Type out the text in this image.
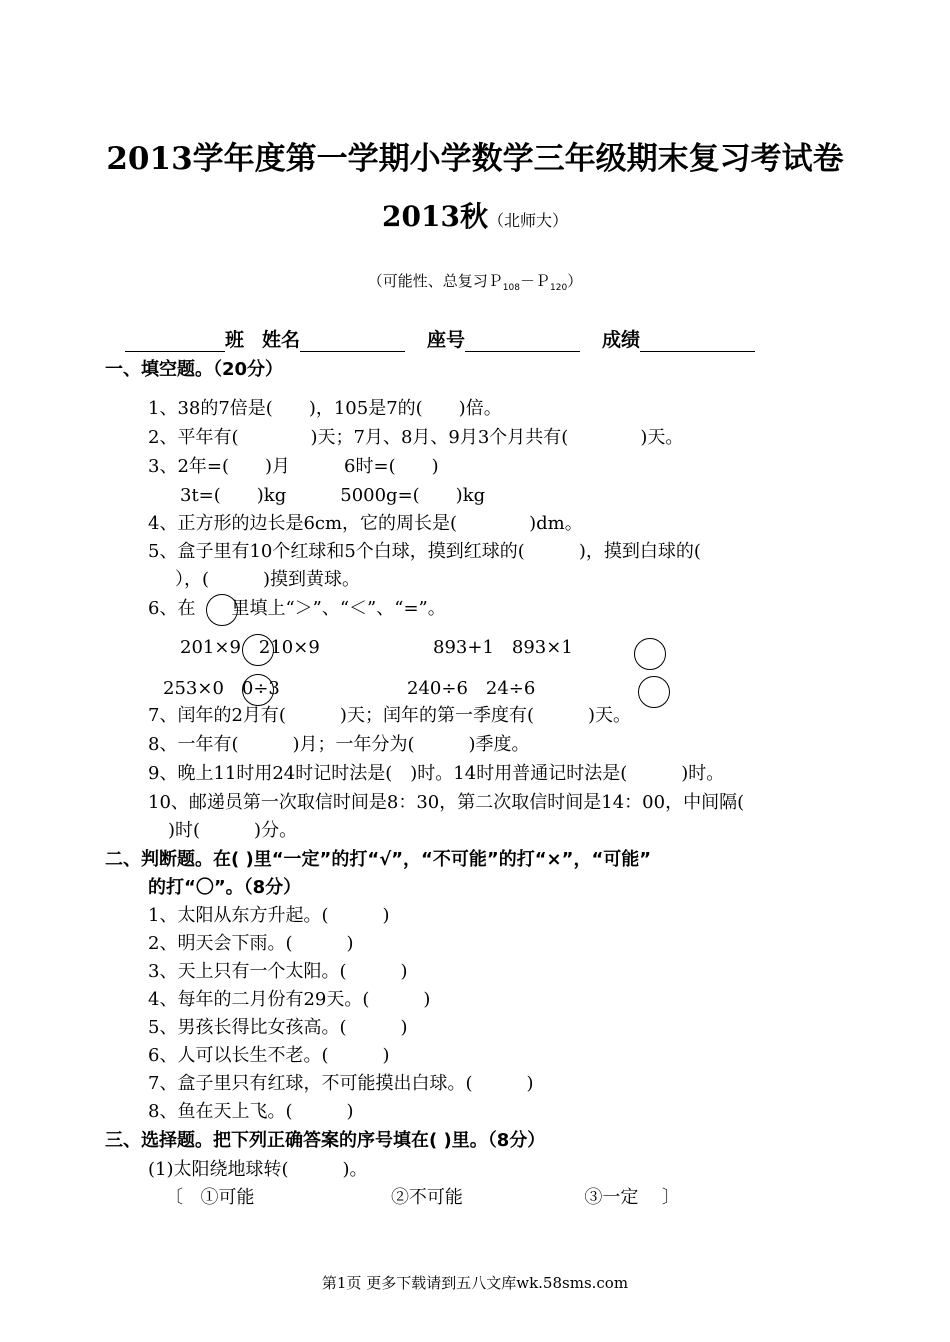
2013学年度第一学期小学数学三年级期末复习考试卷
2013秋（北师大）
（可能性、总复习Ｐ$_{108}$－Ｐ$_{120}$）
班 姓名	座号	成绩
一、填空题。（20分）
1、38的7倍是(　　)，105是7的(　　)倍。
2、平年有(　　　　)天；7月、8月、9月3个月共有(　　　　)天。
3、2年=(　　)月　　　6时=(　　)
3t=(　　)kg　　　5000g=(　　)kg
4、正方形的边长是6cm，它的周长是(　　　　)dm。
5、盒子里有10个红球和5个白球，摸到红球的(　　　)，摸到白球的(
），(　　　)摸到黄球。
6、在　　里填上“＞”、“＜”、“=”。
201×9　210×9	893+1　893×1
253×0　0÷3	240÷6　24÷6
7、闰年的2月有(　　　)天；闰年的第一季度有(　　　)天。
8、一年有(　　　)月；一年分为(　　　)季度。
9、晚上11时用24时记时法是(　)时。14时用普通记时法是(　　　)时。
10、邮递员第一次取信时间是8：30，第二次取信时间是14：00，中间隔(
)时(　　　)分。
二、判断题。在( )里“一定”的打“√”，“不可能”的打“×”，“可能”
的打“〇”。（8分）
1、太阳从东方升起。(　　　)
2、明天会下雨。(　　　)
3、天上只有一个太阳。(　　　)
4、每年的二月份有29天。(　　　)
5、男孩长得比女孩高。(　　　)
6、人可以长生不老。(　　　)
7、盒子里只有红球，不可能摸出白球。(　　　)
8、鱼在天上飞。(　　　)
三、选择题。把下列正确答案的序号填在( )里。（8分）
(1)太阳绕地球转(　　　)。
〔 ①可能	②不可能	③一定 〕
第1页 更多下载请到五八文库wk.58sms.com
